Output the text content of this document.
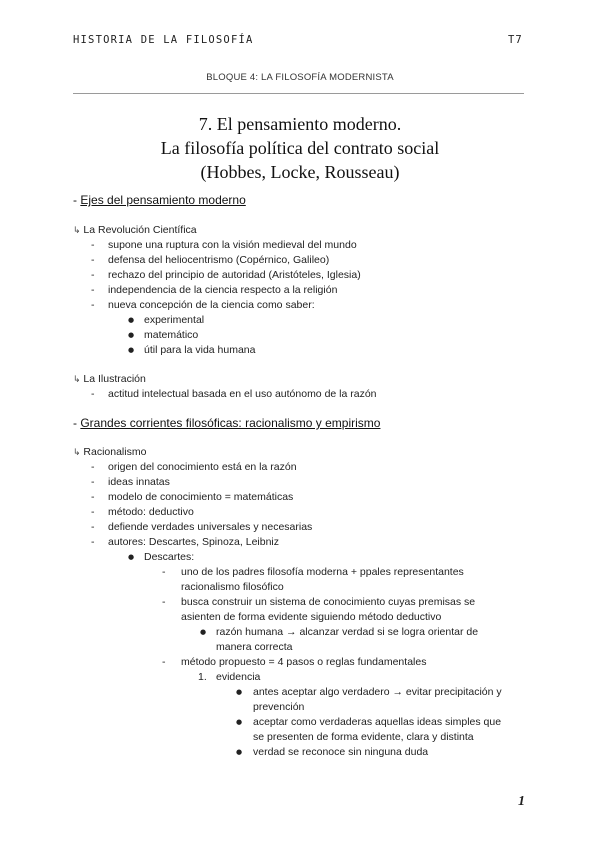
HISTORIA DE LA FILOSOFÍA	T7
BLOQUE 4: LA FILOSOFÍA MODERNISTA
7. El pensamiento moderno.
La filosofía política del contrato social
(Hobbes, Locke, Rousseau)
- Ejes del pensamiento moderno
↳ La Revolución Científica
- supone una ruptura con la visión medieval del mundo
- defensa del heliocentrismo (Copérnico, Galileo)
- rechazo del principio de autoridad (Aristóteles, Iglesia)
- independencia de la ciencia respecto a la religión
- nueva concepción de la ciencia como saber:
● experimental
● matemático
● útil para la vida humana
↳ La Ilustración
- actitud intelectual basada en el uso autónomo de la razón
- Grandes corrientes filosóficas: racionalismo y empirismo
↳ Racionalismo
- origen del conocimiento está en la razón
- ideas innatas
- modelo de conocimiento = matemáticas
- método: deductivo
- defiende verdades universales y necesarias
- autores: Descartes, Spinoza, Leibniz
● Descartes:
- uno de los padres filosofía moderna + ppales representantes
racionalismo filosófico
- busca construir un sistema de conocimiento cuyas premisas se
asienten de forma evidente siguiendo método deductivo
● razón humana → alcanzar verdad si se logra orientar de
manera correcta
- método propuesto = 4 pasos o reglas fundamentales
1. evidencia
● antes aceptar algo verdadero → evitar precipitación y
prevención
● aceptar como verdaderas aquellas ideas simples que
se presenten de forma evidente, clara y distinta
● verdad se reconoce sin ninguna duda
1
